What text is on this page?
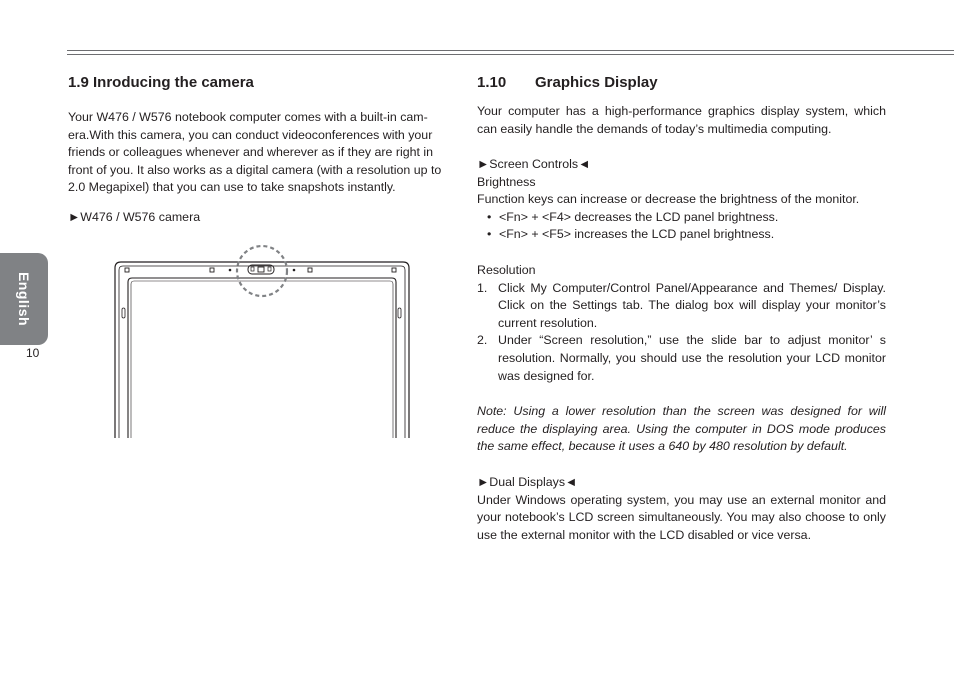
English
10
1.9 Inroducing the camera

Your W476 / W576 notebook computer comes with a built-in cam-era.With this camera, you can conduct videoconferences with your friends or colleagues whenever and wherever as if they are right in front of you. It also works as a digital camera (with a resolution up to 2.0 Megapixel) that you can use to take snapshots instantly.

►W476 / W576 camera

1.10 Graphics Display

Your computer has a high-performance graphics display system, which can easily handle the demands of today’s multimedia computing.

►Screen Controls◄

Brightness

Function keys can increase or decrease the brightness of the monitor.

• <Fn> + <F4> decreases the LCD panel brightness.
• <Fn> + <F5> increases the LCD panel brightness.

Resolution

1. Click My Computer/Control Panel/Appearance and Themes/ Display. Click on the Settings tab. The dialog box will display your monitor’s current resolution.
2. Under “Screen resolution,” use the slide bar to adjust monitor’ s resolution. Normally, you should use the resolution your LCD monitor was designed for.

Note: Using a lower resolution than the screen was designed for will reduce the displaying area. Using the computer in DOS mode produces the same effect, because it uses a 640 by 480 resolution by default.

►Dual Displays◄

Under Windows operating system, you may use an external monitor and your notebook’s LCD screen simultaneously. You may also choose to only use the external monitor with the LCD disabled or vice versa.
